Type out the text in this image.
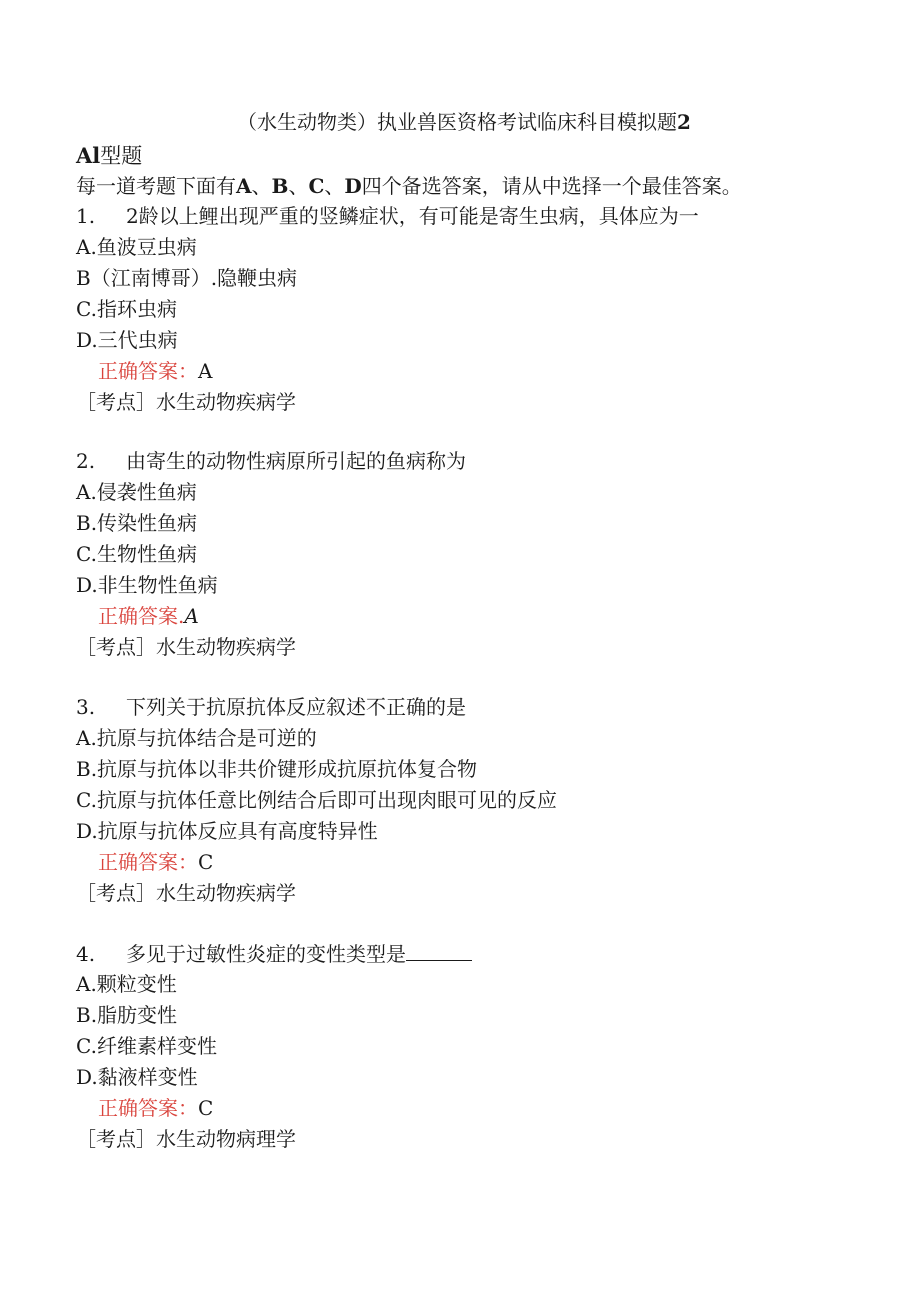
（水生动物类）执业兽医资格考试临床科目模拟题2
Al型题
每一道考题下面有A、B、C、D四个备选答案，请从中选择一个最佳答案。
1. 2龄以上鲤出现严重的竖鳞症状，有可能是寄生虫病，具体应为一
A.鱼波豆虫病
B（江南博哥）.隐鞭虫病
C.指环虫病
D.三代虫病
正确答案：A
［考点］水生动物疾病学
2. 由寄生的动物性病原所引起的鱼病称为
A.侵袭性鱼病
B.传染性鱼病
C.生物性鱼病
D.非生物性鱼病
正确答案.A
［考点］水生动物疾病学
3. 下列关于抗原抗体反应叙述不正确的是
A.抗原与抗体结合是可逆的
B.抗原与抗体以非共价键形成抗原抗体复合物
C.抗原与抗体任意比例结合后即可出现肉眼可见的反应
D.抗原与抗体反应具有高度特异性
正确答案：C
［考点］水生动物疾病学
4. 多见于过敏性炎症的变性类型是
A.颗粒变性
B.脂肪变性
C.纤维素样变性
D.黏液样变性
正确答案：C
［考点］水生动物病理学
